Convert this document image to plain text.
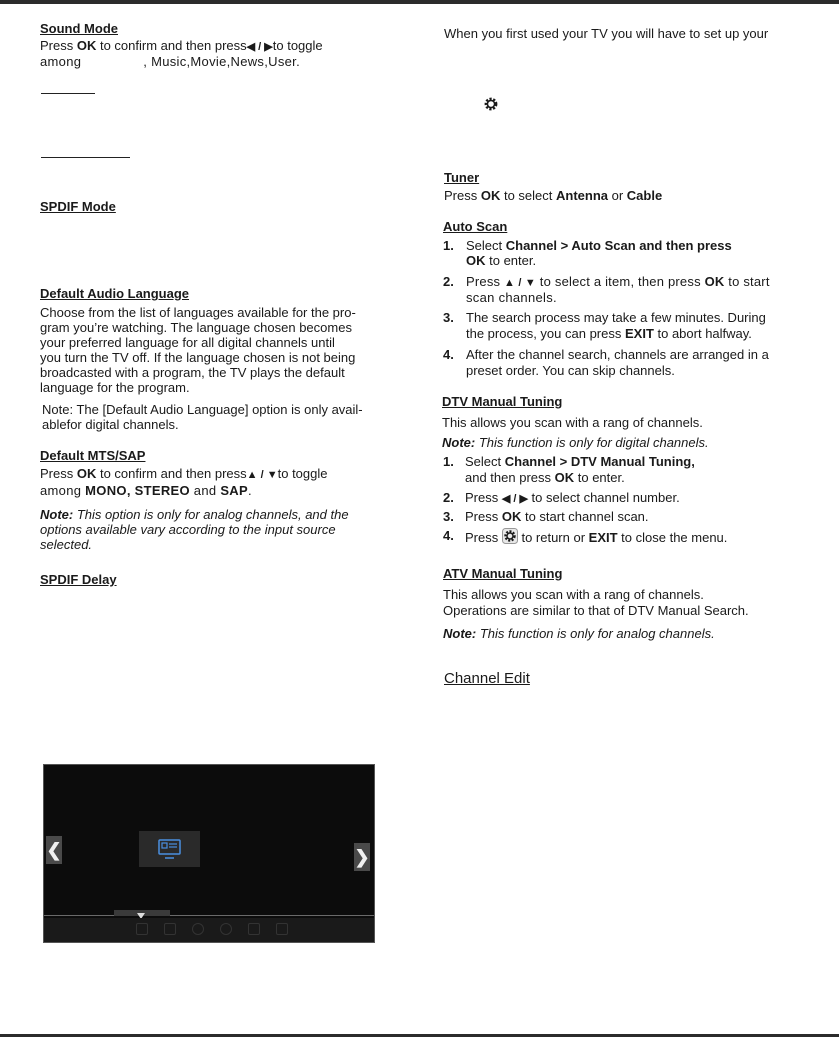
Sound Mode
Press OK to confirm and then press◀ / ▶to toggle
among	, Music,Movie,News,User.
SPDIF Mode
Default Audio Language
Choose from the list of languages available for the pro-
gram you’re watching. The language chosen becomes
your preferred language for all digital channels until
you turn the TV off. If the language chosen is not being
broadcasted with a program, the TV plays the default
language for the program.
Note: The [Default Audio Language] option is only avail-
ablefor digital channels.
Default MTS/SAP
Press OK to confirm and then press▲ / ▼to toggle
among MONO, STEREO and SAP.
Note: This option is only for analog channels, and the
options available vary according to the input source
selected.
SPDIF Delay
❮	❯
When you first used your TV you will have to set up your
Tuner
Press OK to select Antenna or Cable
Auto Scan
1. Select Channel > Auto Scan and then press
OK to enter.
2. Press ▲ / ▼ to select a item, then press OK to start
scan channels.
3. The search process may take a few minutes. During
the process, you can press EXIT to abort halfway.
4. After the channel search, channels are arranged in a
preset order. You can skip channels.
DTV Manual Tuning
This allows you scan with a rang of channels.
Note: This function is only for digital channels.
1. Select Channel > DTV Manual Tuning,
and then press OK to enter.
2. Press ◀ / ▶ to select channel number.
3. Press OK to start channel scan.
4. Press  to return or EXIT to close the menu.
ATV Manual Tuning
This allows you scan with a rang of channels.
Operations are similar to that of DTV Manual Search.
Note: This function is only for analog channels.
Channel Edit
